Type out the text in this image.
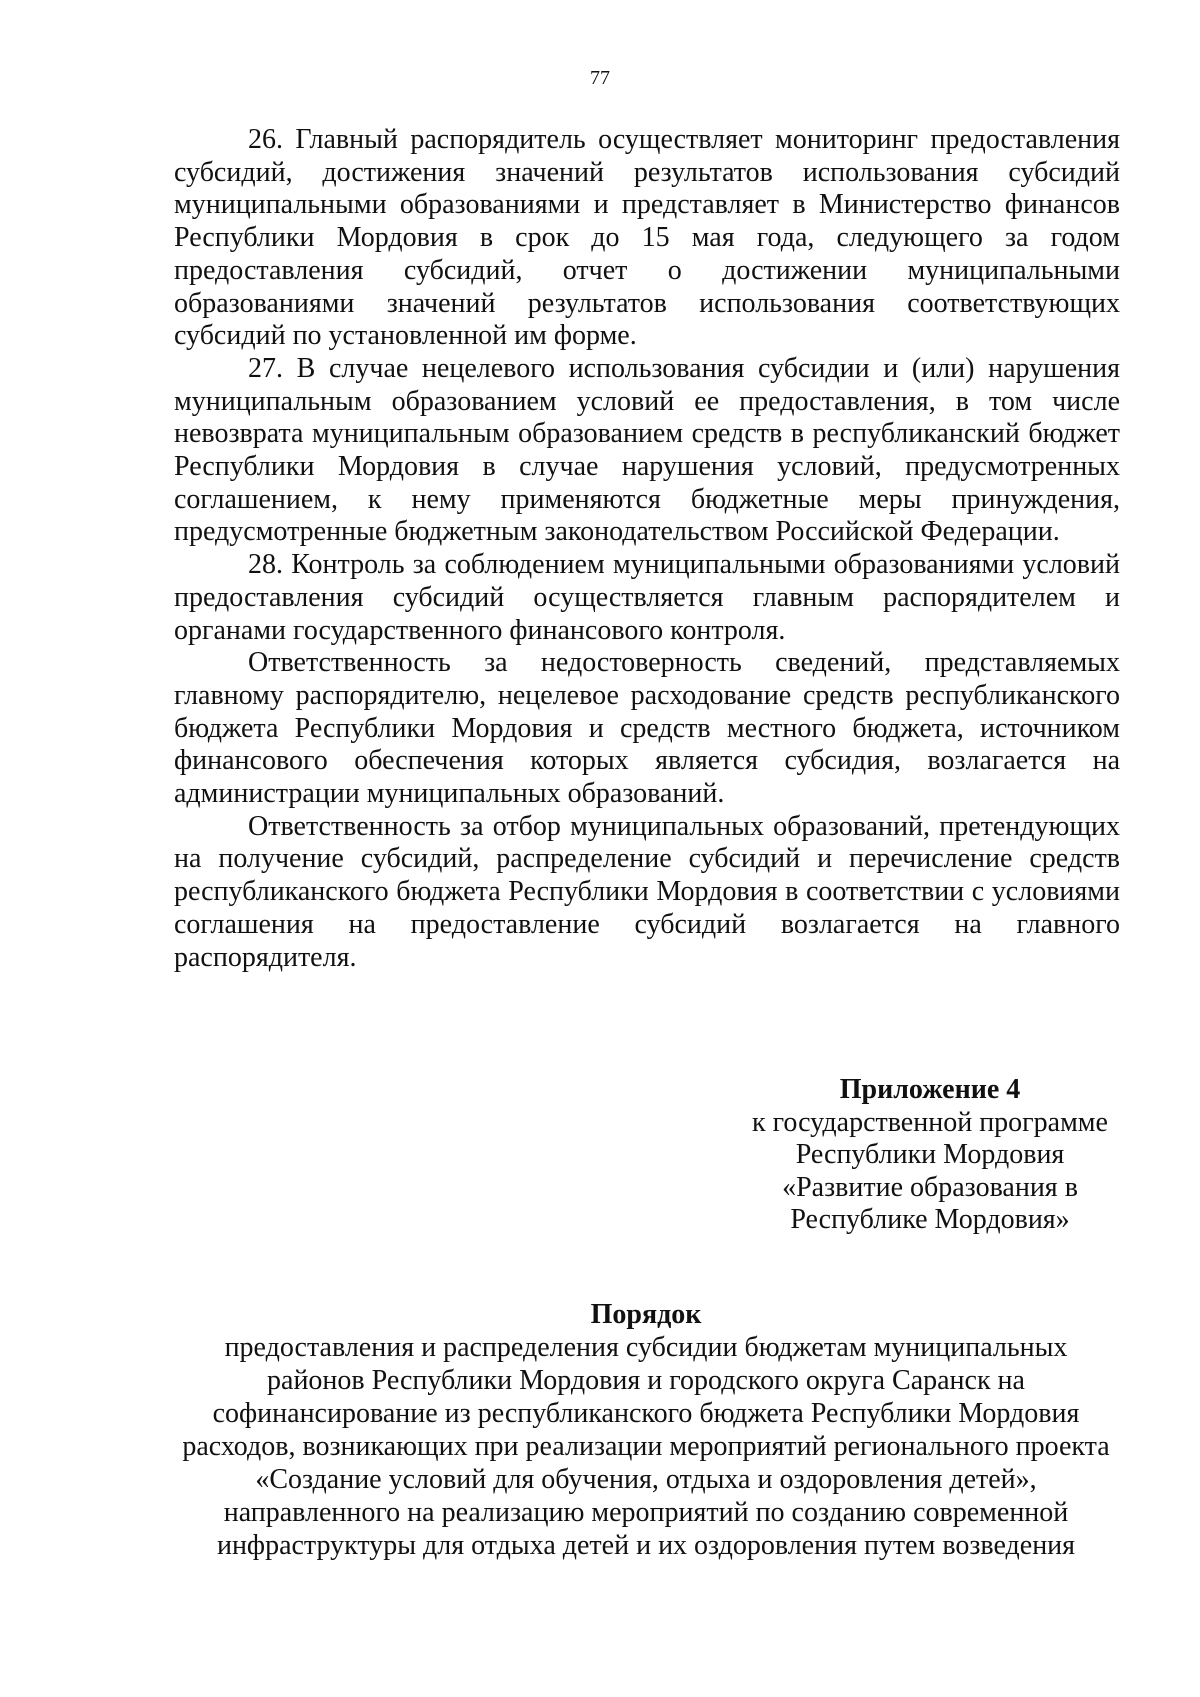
77

26. Главный распорядитель осуществляет мониторинг предоставления субсидий, достижения значений результатов использования субсидий муниципальными образованиями и представляет в Министерство финансов Республики Мордовия в срок до 15 мая года, следующего за годом предоставления субсидий, отчет о достижении муниципальными образованиями значений результатов использования соответствующих субсидий по установленной им форме.

27. В случае нецелевого использования субсидии и (или) нарушения муниципальным образованием условий ее предоставления, в том числе невозврата муниципальным образованием средств в республиканский бюджет Республики Мордовия в случае нарушения условий, предусмотренных соглашением, к нему применяются бюджетные меры принуждения, предусмотренные бюджетным законодательством Российской Федерации.

28. Контроль за соблюдением муниципальными образованиями условий предоставления субсидий осуществляется главным распорядителем и органами государственного финансового контроля.

Ответственность за недостоверность сведений, представляемых главному распорядителю, нецелевое расходование средств республиканского бюджета Республики Мордовия и средств местного бюджета, источником финансового обеспечения которых является субсидия, возлагается на администрации муниципальных образований.

Ответственность за отбор муниципальных образований, претендующих на получение субсидий, распределение субсидий и перечисление средств республиканского бюджета Республики Мордовия в соответствии с условиями соглашения на предоставление субсидий возлагается на главного распорядителя.

Приложение 4
к государственной программе
Республики Мордовия
«Развитие образования в
Республике Мордовия»
Порядок
предоставления и распределения субсидии бюджетам муниципальных
районов Республики Мордовия и городского округа Саранск на
софинансирование из республиканского бюджета Республики Мордовия
расходов, возникающих при реализации мероприятий регионального проекта
«Создание условий для обучения, отдыха и оздоровления детей»,
направленного на реализацию мероприятий по созданию современной
инфраструктуры для отдыха детей и их оздоровления путем возведения
